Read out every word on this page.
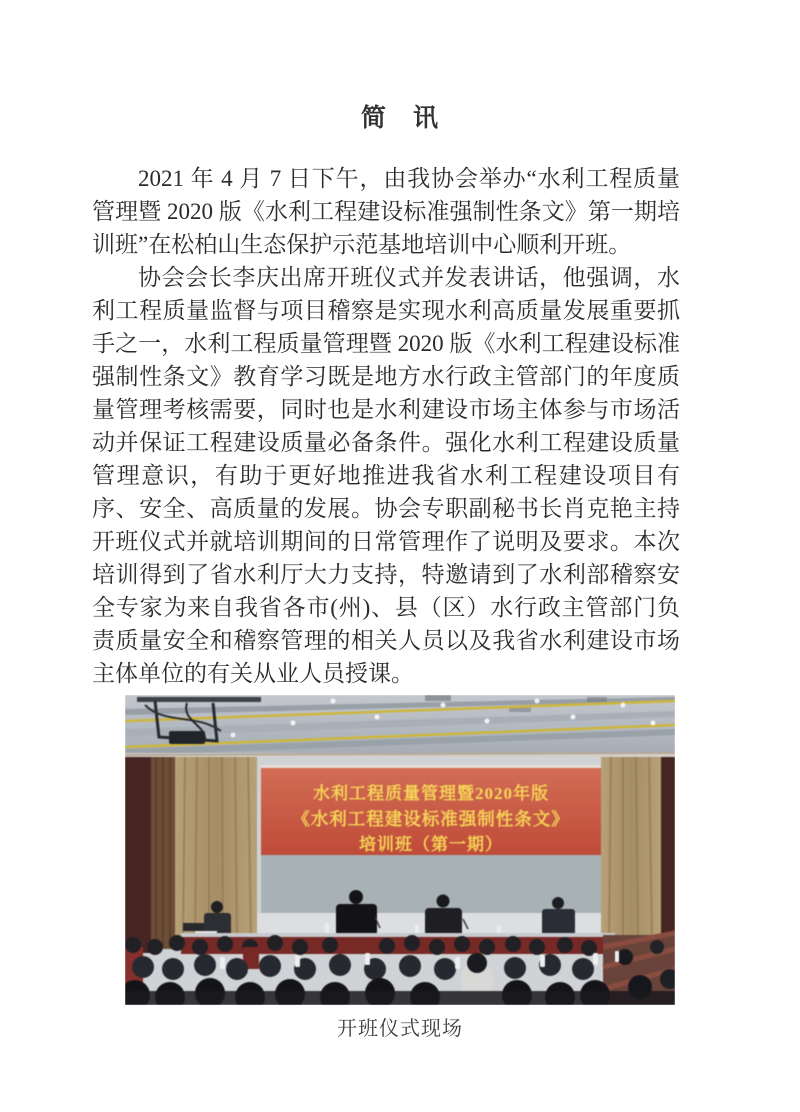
简　讯

2021 年 4 月 7 日下午，由我协会举办“水利工程质量管理暨 2020 版《水利工程建设标准强制性条文》第一期培训班”在松柏山生态保护示范基地培训中心顺利开班。

协会会长李庆出席开班仪式并发表讲话，他强调，水利工程质量监督与项目稽察是实现水利高质量发展重要抓手之一，水利工程质量管理暨 2020 版《水利工程建设标准强制性条文》教育学习既是地方水行政主管部门的年度质量管理考核需要，同时也是水利建设市场主体参与市场活动并保证工程建设质量必备条件。强化水利工程建设质量管理意识，有助于更好地推进我省水利工程建设项目有序、安全、高质量的发展。协会专职副秘书长肖克艳主持开班仪式并就培训期间的日常管理作了说明及要求。本次培训得到了省水利厅大力支持，特邀请到了水利部稽察安全专家为来自我省各市(州)、县（区）水行政主管部门负责质量安全和稽察管理的相关人员以及我省水利建设市场主体单位的有关从业人员授课。

水利工程质量管理暨2020年版
《水利工程建设标准强制性条文》
培训班（第一期）
开班仪式现场
